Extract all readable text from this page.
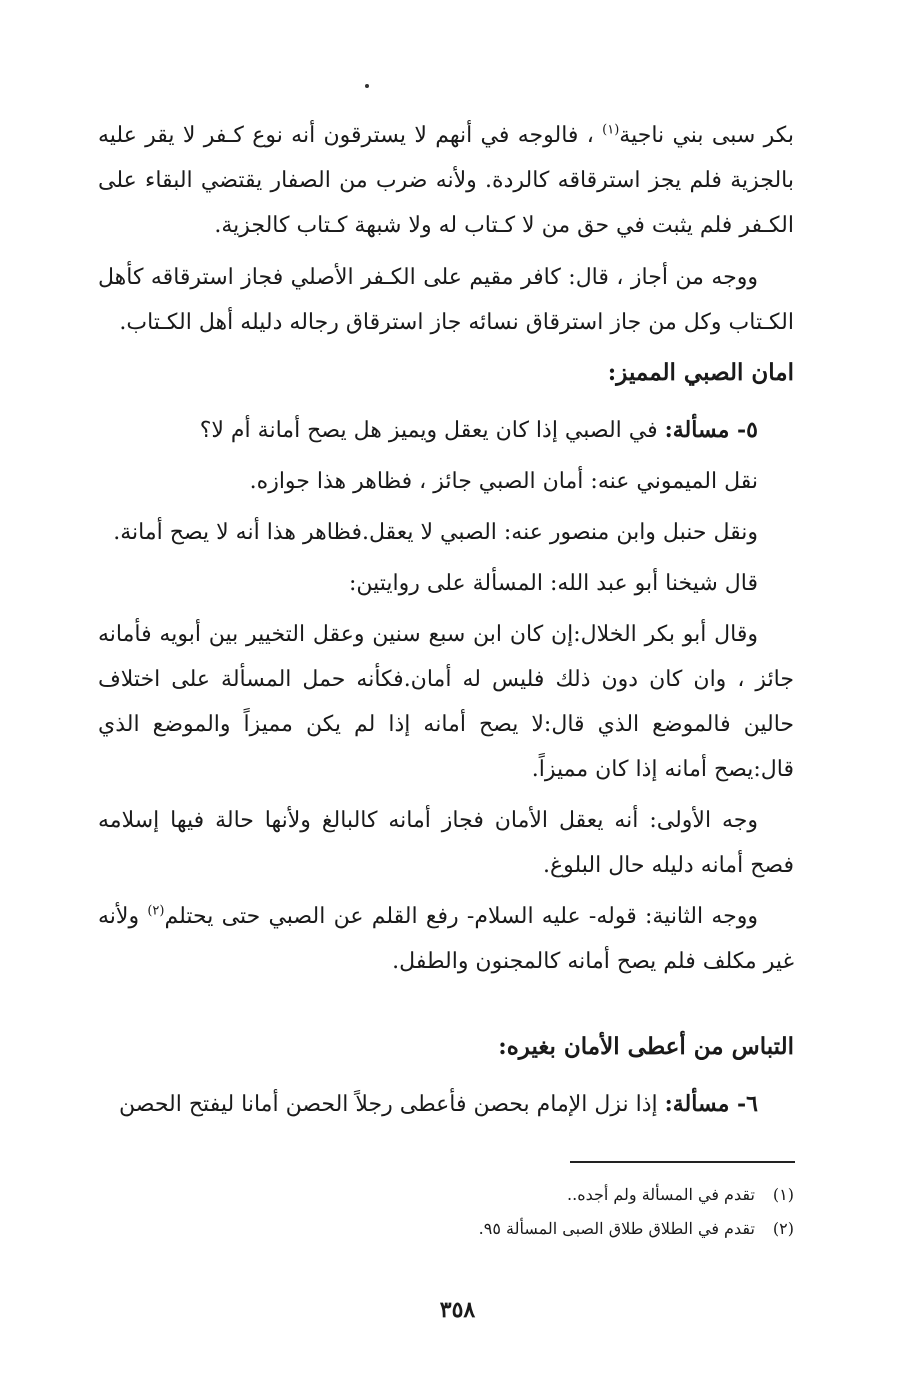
بكر سبى بني ناجية$^{(١)}$ ، فالوجه في أنهم لا يسترقون أنه نوع كـفر لا يقر عليه بالجزية فلم يجز استرقاقه كالردة. ولأنه ضرب من الصفار يقتضي البقاء على الكـفر فلم يثبت في حق من لا كـتاب له ولا شبهة كـتاب كالجزية.

ووجه من أجاز ، قال: كافر مقيم على الكـفر الأصلي فجاز استرقاقه كأهل الكـتاب وكل من جاز استرقاق نسائه جاز استرقاق رجاله دليله أهل الكـتاب.

امان الصبي المميز:

٥- مسألة: في الصبي إذا كان يعقل ويميز هل يصح أمانة أم لا؟

نقل الميموني عنه: أمان الصبي جائز ، فظاهر هذا جوازه.

ونقل حنبل وابن منصور عنه: الصبي لا يعقل.فظاهر هذا أنه لا يصح أمانة.

قال شيخنا أبو عبد الله: المسألة على روايتين:

وقال أبو بكر الخلال:إن كان ابن سبع سنين وعقل التخيير بين أبويه فأمانه جائز ، وان كان دون ذلك فليس له أمان.فكأنه حمل المسألة على اختلاف حالين فالموضع الذي قال:لا يصح أمانه إذا لم يكن مميزاً والموضع الذي قال:يصح أمانه إذا كان مميزاً.

وجه الأولى: أنه يعقل الأمان فجاز أمانه كالبالغ ولأنها حالة فيها إسلامه فصح أمانه دليله حال البلوغ.

ووجه الثانية: قوله- عليه السلام- رفع القلم عن الصبي حتى يحتلم$^{(٢)}$ ولأنه غير مكلف فلم يصح أمانه كالمجنون والطفل.

التباس من أعطى الأمان بغيره:

٦- مسألة: إذا نزل الإمام بحصن فأعطى رجلاً الحصن أمانا ليفتح الحصن

(١) تقدم في المسألة ولم أجده..
(٢) تقدم في الطلاق طلاق الصبى المسألة ٩٥.
٣٥٨
